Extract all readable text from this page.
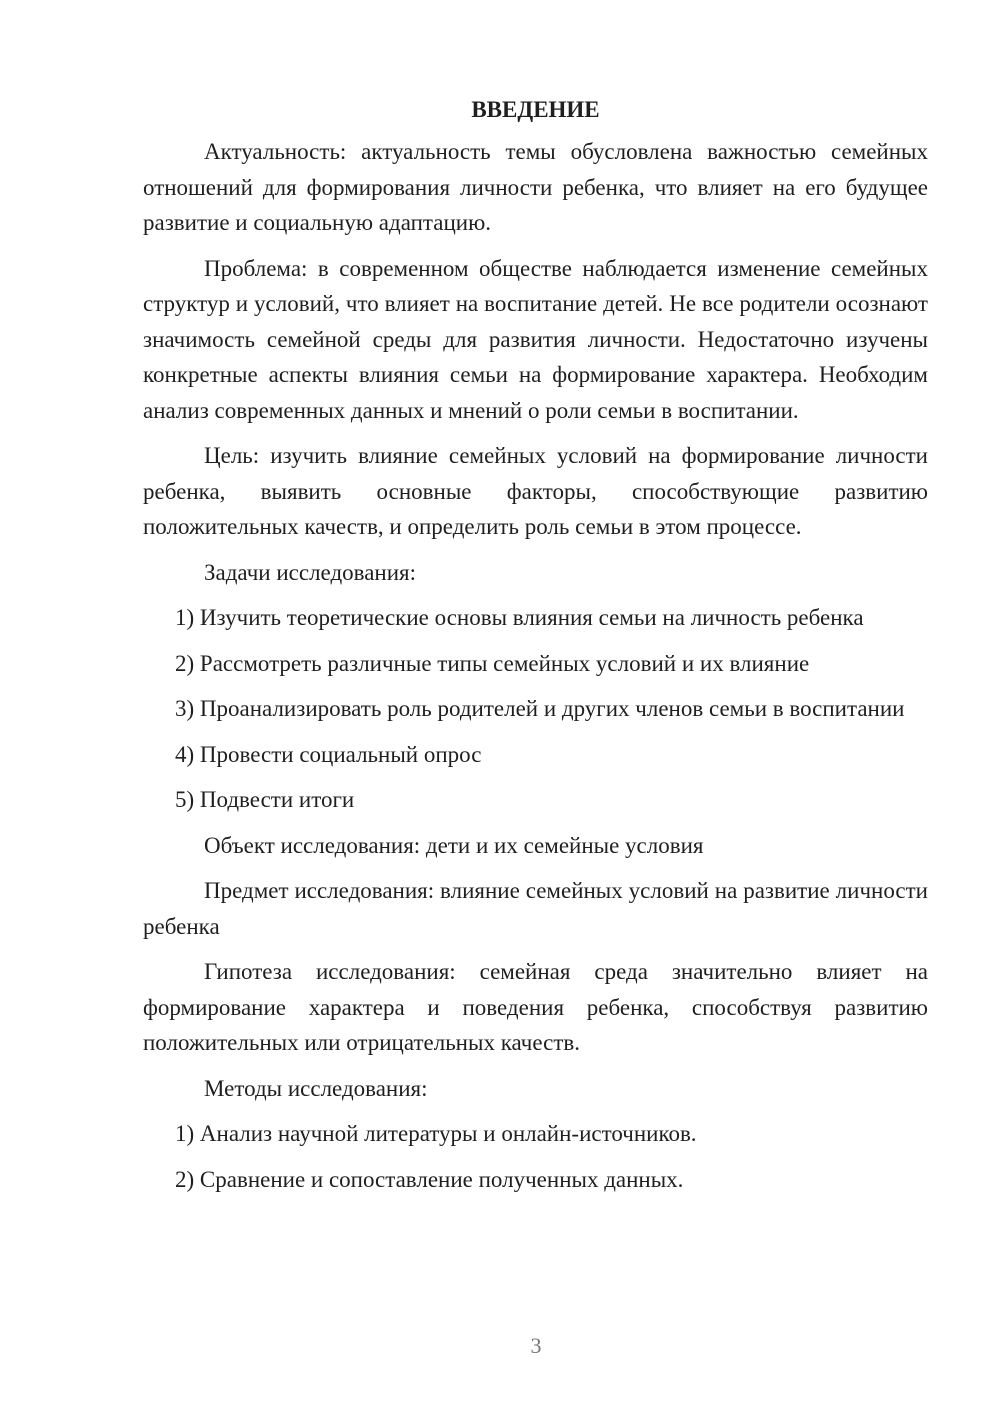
ВВЕДЕНИЕ

Актуальность: актуальность темы обусловлена важностью семейных отношений для формирования личности ребенка, что влияет на его будущее развитие и социальную адаптацию.

Проблема: в современном обществе наблюдается изменение семейных структур и условий, что влияет на воспитание детей. Не все родители осознают значимость семейной среды для развития личности. Недостаточно изучены конкретные аспекты влияния семьи на формирование характера. Необходим анализ современных данных и мнений о роли семьи в воспитании.

Цель: изучить влияние семейных условий на формирование личности ребенка, выявить основные факторы, способствующие развитию положительных качеств, и определить роль семьи в этом процессе.

Задачи исследования:

1) Изучить теоретические основы влияния семьи на личность ребенка

2) Рассмотреть различные типы семейных условий и их влияние

3) Проанализировать роль родителей и других членов семьи в воспитании

4) Провести социальный опрос

5) Подвести итоги

Объект исследования: дети и их семейные условия

Предмет исследования: влияние семейных условий на развитие личности ребенка

Гипотеза исследования: семейная среда значительно влияет на формирование характера и поведения ребенка, способствуя развитию положительных или отрицательных качеств.

Методы исследования:

1) Анализ научной литературы и онлайн-источников.

2) Сравнение и сопоставление полученных данных.

3
